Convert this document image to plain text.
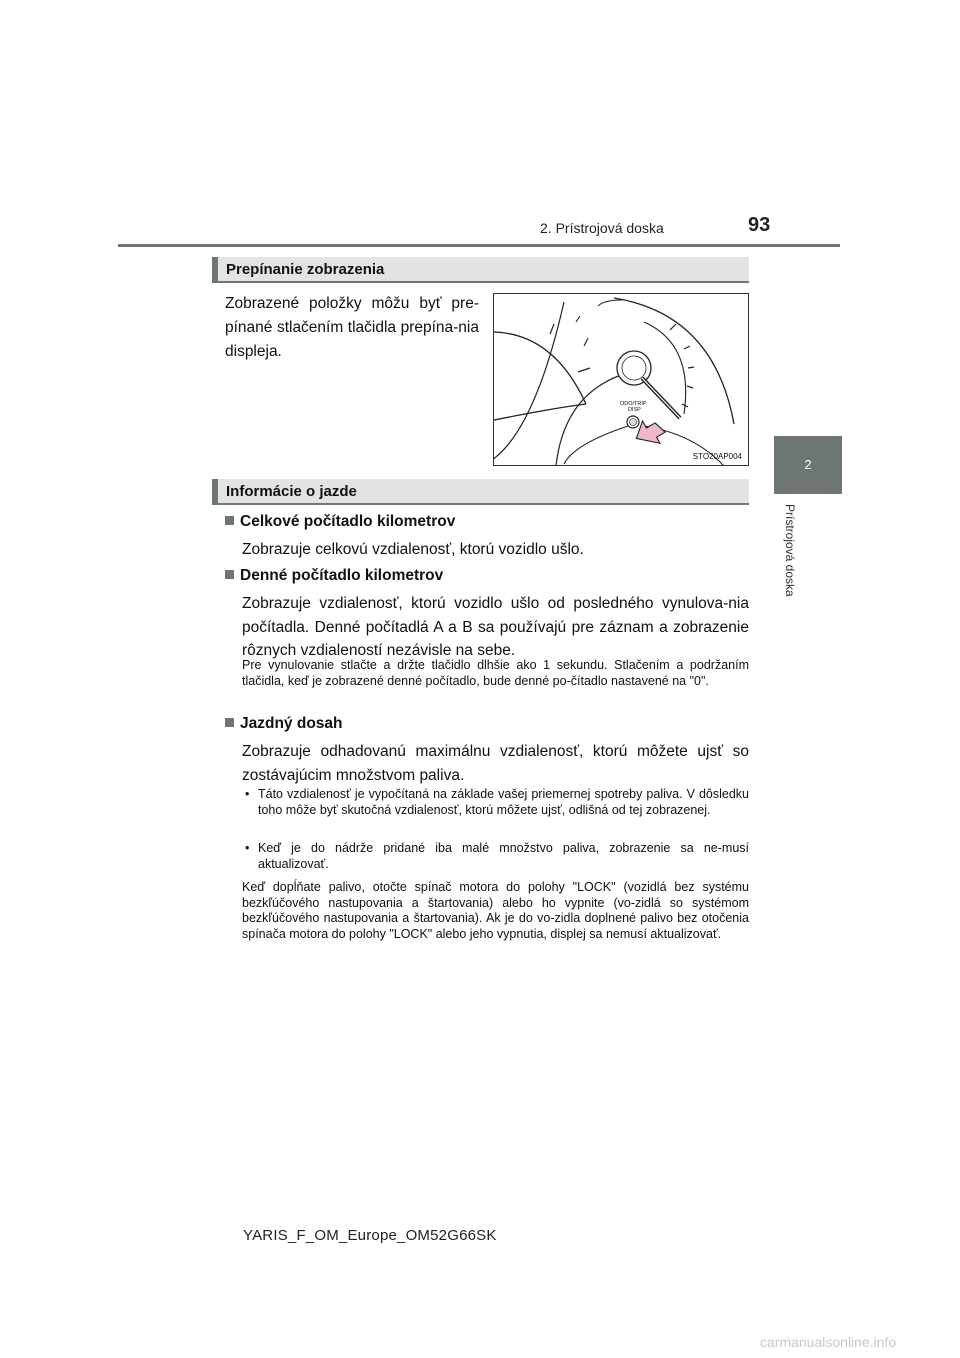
2. Prístrojová doska	93
2
Prístrojová doska
Prepínanie zobrazenia
Zobrazené položky môžu byť pre-pínané stlačením tlačidla prepína-nia displeja.
ODO/TRIP
DISP
STO20AP004
Informácie o jazde
Celkové počítadlo kilometrov
Zobrazuje celkovú vzdialenosť, ktorú vozidlo ušlo.
Denné počítadlo kilometrov
Zobrazuje vzdialenosť, ktorú vozidlo ušlo od posledného vynulova-nia počítadla. Denné počítadlá A a B sa používajú pre záznam a zobrazenie rôznych vzdialeností nezávisle na sebe.
Pre vynulovanie stlačte a držte tlačidlo dlhšie ako 1 sekundu. Stlačením a podržaním tlačidla, keď je zobrazené denné počítadlo, bude denné po-čítadlo nastavené na "0".
Jazdný dosah
Zobrazuje odhadovanú maximálnu vzdialenosť, ktorú môžete ujsť so zostávajúcim množstvom paliva.
• Táto vzdialenosť je vypočítaná na základe vašej priemernej spotreby paliva. V dôsledku toho môže byť skutočná vzdialenosť, ktorú môžete ujsť, odlišná od tej zobrazenej.
• Keď je do nádrže pridané iba malé množstvo paliva, zobrazenie sa ne-musí aktualizovať.
Keď dopĺňate palivo, otočte spínač motora do polohy "LOCK" (vozidlá bez systému bezkľúčového nastupovania a štartovania) alebo ho vypnite (vo-zidlá so systémom bezkľúčového nastupovania a štartovania). Ak je do vo-zidla doplnené palivo bez otočenia spínača motora do polohy "LOCK" alebo jeho vypnutia, displej sa nemusí aktualizovať.
YARIS_F_OM_Europe_OM52G66SK
carmanualsonline.info
